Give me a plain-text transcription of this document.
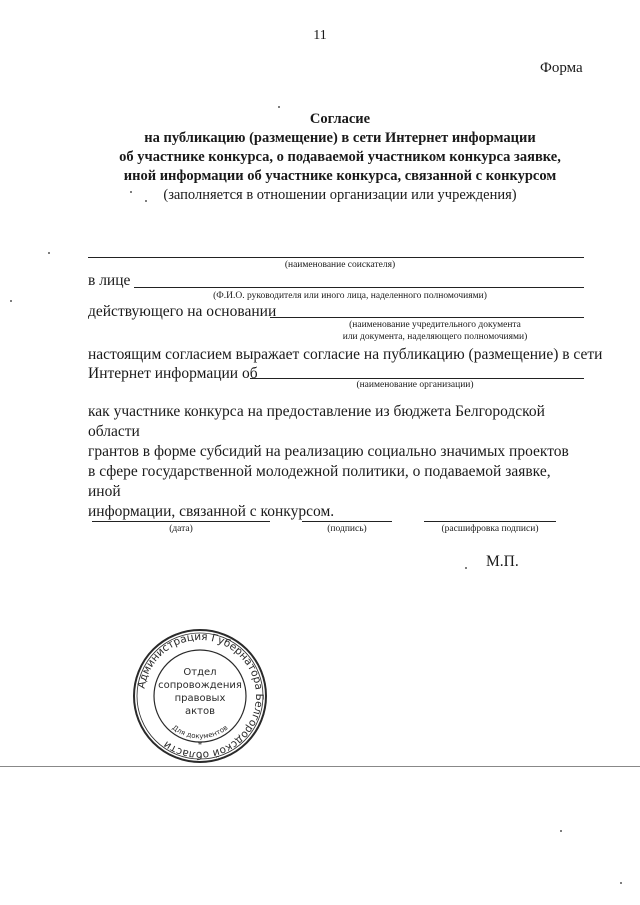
11
Форма
Согласие
на публикацию (размещение) в сети Интернет информации
об участнике конкурса, о подаваемой участником конкурса заявке,
иной информации об участнике конкурса, связанной с конкурсом
(заполняется в отношении организации или учреждения)
(наименование соискателя)
в лице
(Ф.И.О. руководителя или иного лица, наделенного полномочиями)
действующего на основании
(наименование учредительного документа
или документа, наделяющего полномочиями)
настоящим согласием выражает согласие на публикацию (размещение) в сети
Интернет информации об
(наименование организации)
как участнике конкурса на предоставление из бюджета Белгородской области
грантов в форме субсидий на реализацию социально значимых проектов
в сфере государственной молодежной политики, о подаваемой заявке, иной
информации, связанной с конкурсом.
(дата)	(подпись)	(расшифровка подписи)
М.П.
Администрация Губернатора Белгородской области
Отдел
сопровождения
правовых
актов
Для документов
*
